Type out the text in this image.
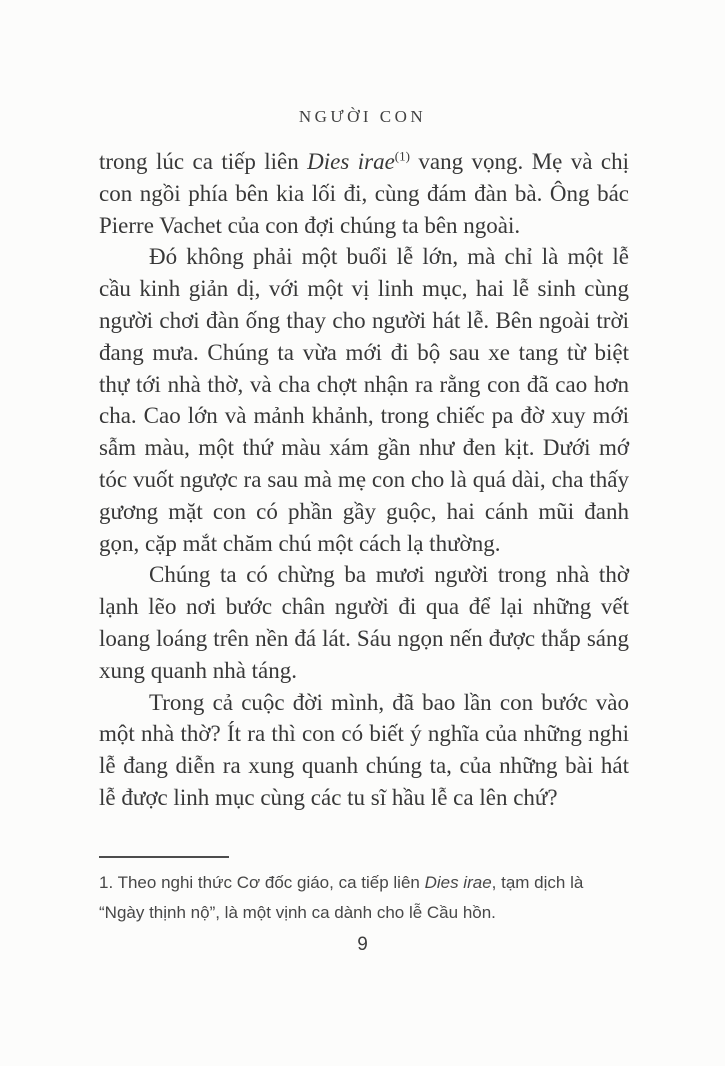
NGƯỜI CON

trong lúc ca tiếp liên Dies irae$^{(1)}$ vang vọng. Mẹ và chị con ngồi phía bên kia lối đi, cùng đám đàn bà. Ông bác Pierre Vachet của con đợi chúng ta bên ngoài.

Đó không phải một buổi lễ lớn, mà chỉ là một lễ cầu kinh giản dị, với một vị linh mục, hai lễ sinh cùng người chơi đàn ống thay cho người hát lễ. Bên ngoài trời đang mưa. Chúng ta vừa mới đi bộ sau xe tang từ biệt thự tới nhà thờ, và cha chợt nhận ra rằng con đã cao hơn cha. Cao lớn và mảnh khảnh, trong chiếc pa đờ xuy mới sẫm màu, một thứ màu xám gần như đen kịt. Dưới mớ tóc vuốt ngược ra sau mà mẹ con cho là quá dài, cha thấy gương mặt con có phần gầy guộc, hai cánh mũi đanh gọn, cặp mắt chăm chú một cách lạ thường.

Chúng ta có chừng ba mươi người trong nhà thờ lạnh lẽo nơi bước chân người đi qua để lại những vết loang loáng trên nền đá lát. Sáu ngọn nến được thắp sáng xung quanh nhà táng.

Trong cả cuộc đời mình, đã bao lần con bước vào một nhà thờ? Ít ra thì con có biết ý nghĩa của những nghi lễ đang diễn ra xung quanh chúng ta, của những bài hát lễ được linh mục cùng các tu sĩ hầu lễ ca lên chứ?

1. Theo nghi thức Cơ đốc giáo, ca tiếp liên Dies irae, tạm dịch là “Ngày thịnh nộ”, là một vịnh ca dành cho lễ Cầu hồn.

9
